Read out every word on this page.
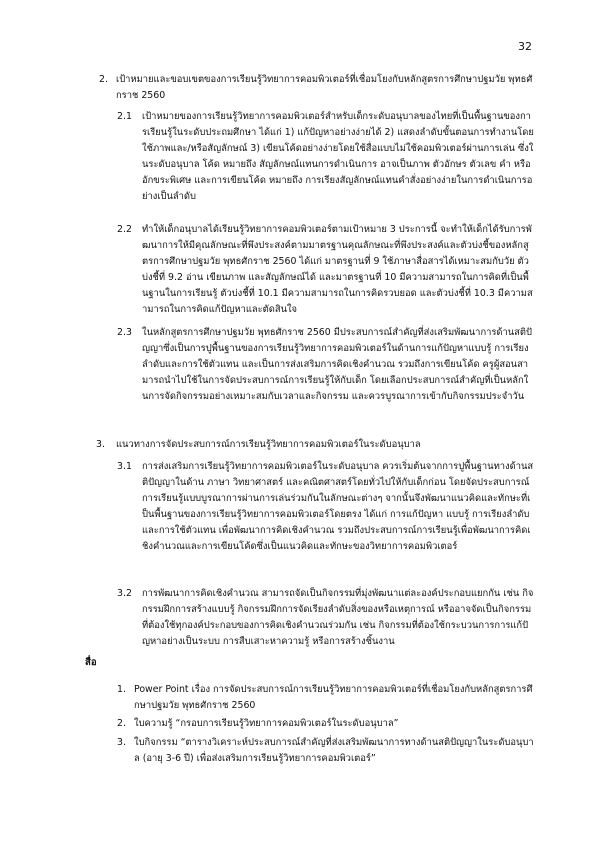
32
2. เป้าหมายและขอบเขตของการเรียนรู้วิทยาการคอมพิวเตอร์ที่เชื่อมโยงกับหลักสูตรการศึกษาปฐมวัย พุทธศักราช 2560
2.1 เป้าหมายของการเรียนรู้วิทยาการคอมพิวเตอร์สำหรับเด็กระดับอนุบาลของไทยที่เป็นพื้นฐานของการเรียนรู้ในระดับประถมศึกษา ได้แก่ 1) แก้ปัญหาอย่างง่ายได้ 2) แสดงลำดับขั้นตอนการทำงานโดยใช้ภาพและ/หรือสัญลักษณ์ 3) เขียนโค้ดอย่างง่ายโดยใช้สื่อแบบไม่ใช้คอมพิวเตอร์ผ่านการเล่น ซึ่งในระดับอนุบาล โค้ด หมายถึง สัญลักษณ์แทนการดำเนินการ อาจเป็นภาพ ตัวอักษร ตัวเลข คำ หรืออักขระพิเศษ และการเขียนโค้ด หมายถึง การเรียงสัญลักษณ์แทนคำสั่งอย่างง่ายในการดำเนินการอย่างเป็นลำดับ
2.2 ทำให้เด็กอนุบาลได้เรียนรู้วิทยาการคอมพิวเตอร์ตามเป้าหมาย 3 ประการนี้ จะทำให้เด็กได้รับการพัฒนาการให้มีคุณลักษณะที่พึงประสงค์ตามมาตรฐานคุณลักษณะที่พึงประสงค์และตัวบ่งชี้ของหลักสูตรการศึกษาปฐมวัย พุทธศักราช 2560 ได้แก่ มาตรฐานที่ 9 ใช้ภาษาสื่อสารได้เหมาะสมกับวัย ตัวบ่งชี้ที่ 9.2 อ่าน เขียนภาพ และสัญลักษณ์ได้ และมาตรฐานที่ 10 มีความสามารถในการคิดที่เป็นพื้นฐานในการเรียนรู้ ตัวบ่งชี้ที่ 10.1 มีความสามารถในการคิดรวบยอด และตัวบ่งชี้ที่ 10.3 มีความสามารถในการคิดแก้ปัญหาและตัดสินใจ
2.3 ในหลักสูตรการศึกษาปฐมวัย พุทธศักราช 2560 มีประสบการณ์สำคัญที่ส่งเสริมพัฒนาการด้านสติปัญญาซึ่งเป็นการปูพื้นฐานของการเรียนรู้วิทยาการคอมพิวเตอร์ในด้านการแก้ปัญหาแบบรู้ การเรียงลำดับและการใช้ตัวแทน และเป็นการส่งเสริมการคิดเชิงคำนวณ รวมถึงการเขียนโค้ด ครูผู้สอนสามารถนำไปใช้ในการจัดประสบการณ์การเรียนรู้ให้กับเด็ก โดยเลือกประสบการณ์สำคัญที่เป็นหลักในการจัดกิจกรรมอย่างเหมาะสมกับเวลาและกิจกรรม และควรบูรณาการเข้ากับกิจกรรมประจำวัน
3. แนวทางการจัดประสบการณ์การเรียนรู้วิทยาการคอมพิวเตอร์ในระดับอนุบาล
3.1 การส่งเสริมการเรียนรู้วิทยาการคอมพิวเตอร์ในระดับอนุบาล ควรเริ่มต้นจากการปูพื้นฐานทางด้านสติปัญญาในด้าน ภาษา วิทยาศาสตร์ และคณิตศาสตร์โดยทั่วไปให้กับเด็กก่อน โดยจัดประสบการณ์การเรียนรู้แบบบูรณาการผ่านการเล่นร่วมกันในลักษณะต่างๆ จากนั้นจึงพัฒนาแนวคิดและทักษะที่เป็นพื้นฐานของการเรียนรู้วิทยาการคอมพิวเตอร์โดยตรง ได้แก่ การแก้ปัญหา แบบรู้ การเรียงลำดับ และการใช้ตัวแทน เพื่อพัฒนาการคิดเชิงคำนวณ รวมถึงประสบการณ์การเรียนรู้เพื่อพัฒนาการคิดเชิงคำนวณและการเขียนโค้ดซึ่งเป็นแนวคิดและทักษะของวิทยาการคอมพิวเตอร์
3.2 การพัฒนาการคิดเชิงคำนวณ สามารถจัดเป็นกิจกรรมที่มุ่งพัฒนาแต่ละองค์ประกอบแยกกัน เช่น กิจกรรมฝึกการสร้างแบบรู้ กิจกรรมฝึกการจัดเรียงลำดับสิ่งของหรือเหตุการณ์ หรืออาจจัดเป็นกิจกรรมที่ต้องใช้ทุกองค์ประกอบของการคิดเชิงคำนวณร่วมกัน เช่น กิจกรรมที่ต้องใช้กระบวนการการแก้ปัญหาอย่างเป็นระบบ การสืบเสาะหาความรู้ หรือการสร้างชิ้นงาน
สื่อ
1. Power Point เรื่อง การจัดประสบการณ์การเรียนรู้วิทยาการคอมพิวเตอร์ที่เชื่อมโยงกับหลักสูตรการศึกษาปฐมวัย พุทธศักราช 2560
2. ใบความรู้ “กรอบการเรียนรู้วิทยาการคอมพิวเตอร์ในระดับอนุบาล”
3. ใบกิจกรรม “ตารางวิเคราะห์ประสบการณ์สำคัญที่ส่งเสริมพัฒนาการทางด้านสติปัญญาในระดับอนุบาล (อายุ 3-6 ปี) เพื่อส่งเสริมการเรียนรู้วิทยาการคอมพิวเตอร์”
